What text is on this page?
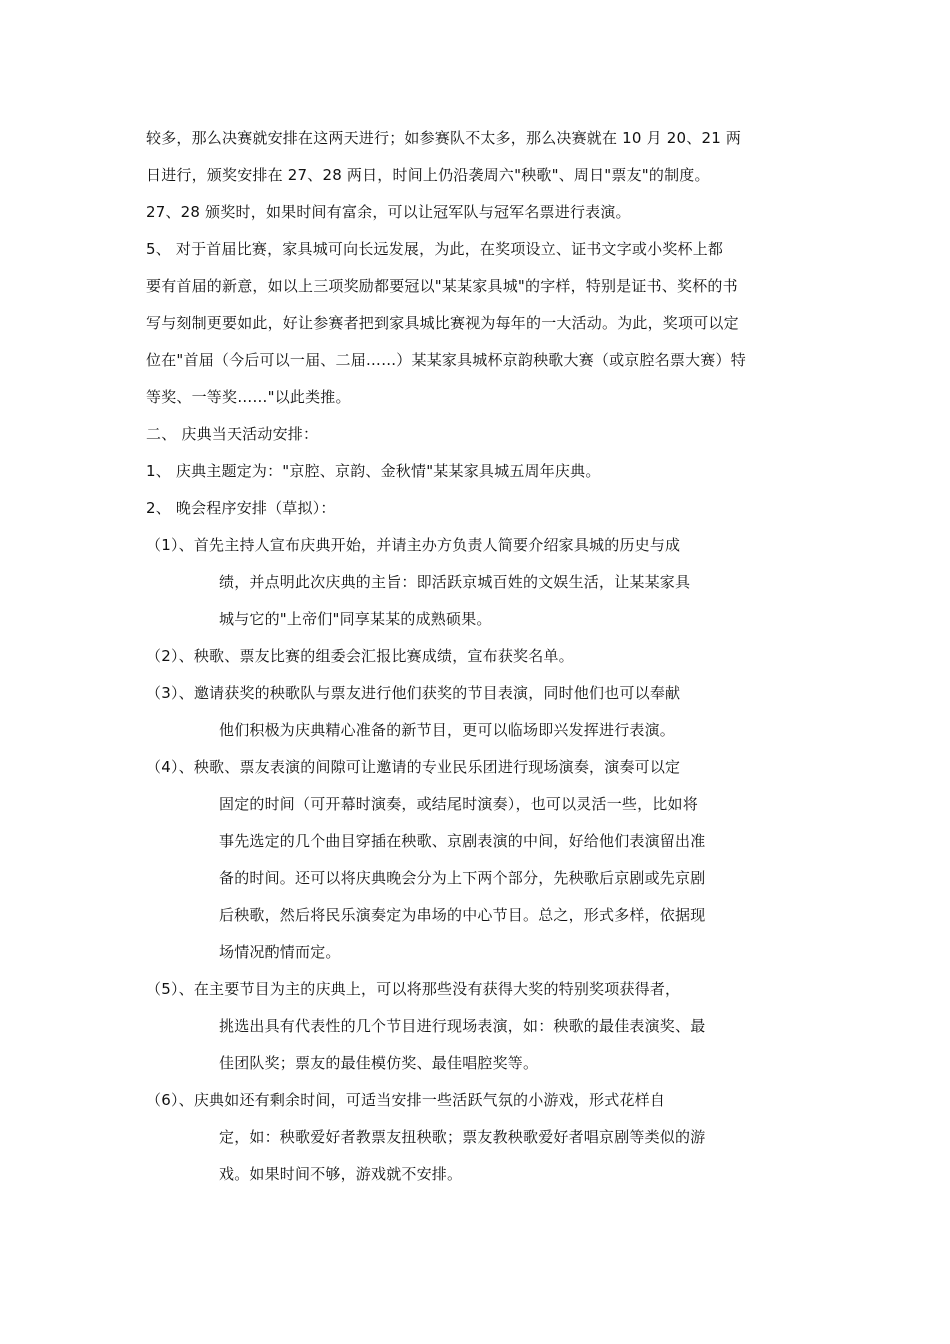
较多，那么决赛就安排在这两天进行；如参赛队不太多，那么决赛就在 10 月 20、21 两
日进行，颁奖安排在 27、28 两日，时间上仍沿袭周六"秧歌"、周日"票友"的制度。
27、28 颁奖时，如果时间有富余，可以让冠军队与冠军名票进行表演。
5、 对于首届比赛，家具城可向长远发展，为此，在奖项设立、证书文字或小奖杯上都
要有首届的新意，如以上三项奖励都要冠以"某某家具城"的字样，特别是证书、奖杯的书
写与刻制更要如此，好让参赛者把到家具城比赛视为每年的一大活动。为此，奖项可以定
位在"首届（今后可以一届、二届……）某某家具城杯京韵秧歌大赛（或京腔名票大赛）特
等奖、一等奖……"以此类推。
二、 庆典当天活动安排：
1、 庆典主题定为："京腔、京韵、金秋情"某某家具城五周年庆典。
2、 晚会程序安排（草拟）：
（1）、首先主持人宣布庆典开始，并请主办方负责人简要介绍家具城的历史与成
绩，并点明此次庆典的主旨：即活跃京城百姓的文娱生活，让某某家具
城与它的"上帝们"同享某某的成熟硕果。
（2）、秧歌、票友比赛的组委会汇报比赛成绩，宣布获奖名单。
（3）、邀请获奖的秧歌队与票友进行他们获奖的节目表演，同时他们也可以奉献
他们积极为庆典精心准备的新节目，更可以临场即兴发挥进行表演。
（4）、秧歌、票友表演的间隙可让邀请的专业民乐团进行现场演奏，演奏可以定
固定的时间（可开幕时演奏，或结尾时演奏），也可以灵活一些，比如将
事先选定的几个曲目穿插在秧歌、京剧表演的中间，好给他们表演留出准
备的时间。还可以将庆典晚会分为上下两个部分，先秧歌后京剧或先京剧
后秧歌，然后将民乐演奏定为串场的中心节目。总之，形式多样，依据现
场情况酌情而定。
（5）、在主要节目为主的庆典上，可以将那些没有获得大奖的特别奖项获得者，
挑选出具有代表性的几个节目进行现场表演，如：秧歌的最佳表演奖、最
佳团队奖；票友的最佳模仿奖、最佳唱腔奖等。
（6）、庆典如还有剩余时间，可适当安排一些活跃气氛的小游戏，形式花样自
定，如：秧歌爱好者教票友扭秧歌；票友教秧歌爱好者唱京剧等类似的游
戏。如果时间不够，游戏就不安排。
